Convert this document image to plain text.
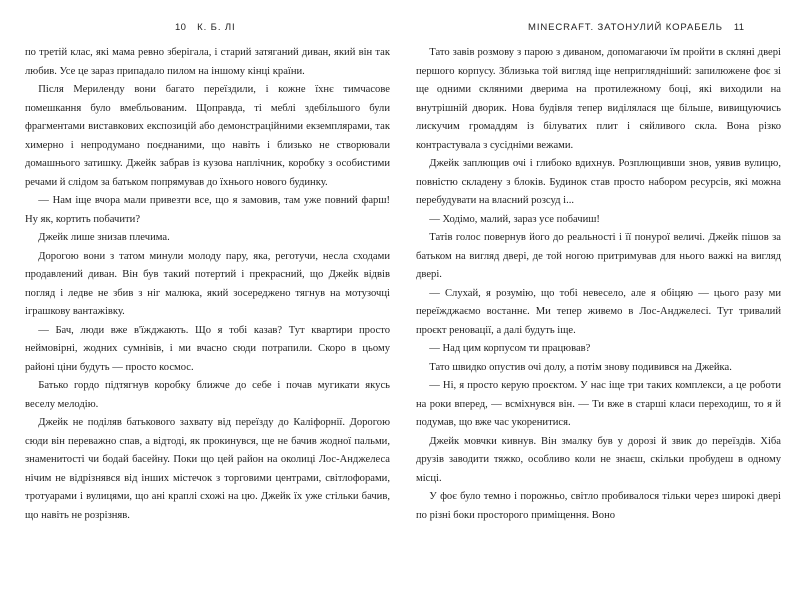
10 К. Б. ЛІ

по третій клас, які мама ревно зберігала, і старий затяганий диван, який він так любив. Усе це зараз припадало пилом на іншому кінці країни.

Після Мериленду вони багато переїздили, і кожне їхнє тимчасове помешкання було вмебльованим. Щоправда, ті меблі здебільшого були фрагментами виставкових експозицій або демонстраційними екземплярами, так химерно і непродумано поєднаними, що навіть і близько не створювали домашнього затишку. Джейк забрав із кузова наплічник, коробку з особистими речами й слідом за батьком попрямував до їхнього нового будинку.

— Нам іще вчора мали привезти все, що я замовив, там уже повний фарш! Ну як, кортить побачити?

Джейк лише знизав плечима.

Дорогою вони з татом минули молоду пару, яка, реготучи, несла сходами продавлений диван. Він був такий потертий і прекрасний, що Джейк відвів погляд і ледве не збив з ніг малюка, який зосереджено тягнув на мотузочці іграшкову вантажівку.

— Бач, люди вже в'їжджають. Що я тобі казав? Тут квартири просто неймовірні, жодних сумнівів, і ми вчасно сюди потрапили. Скоро в цьому районі ціни будуть — просто космос.

Батько гордо підтягнув коробку ближче до себе і почав мугикати якусь веселу мелодію.

Джейк не поділяв батькового захвату від переїзду до Каліфорнії. Дорогою сюди він переважно спав, а відтоді, як прокинувся, ще не бачив жодної пальми, знаменитості чи бодай басейну. Поки що цей район на околиці Лос-Анджелеса нічим не відрізнявся від інших містечок з торговими центрами, світлофорами, тротуарами і вулицями, що ані краплі схожі на цю. Джейк їх уже стільки бачив, що навіть не розрізняв.

MINECRAFT. ЗАТОНУЛИЙ КОРАБЕЛЬ 11

Тато завів розмову з парою з диваном, допомагаючи їм пройти в скляні двері першого корпусу. Зблизька той вигляд іще неприглядніший: запилюжене фоє зі ще одними скляними дверима на протилежному боці, які виходили на внутрішній дворик. Нова будівля тепер виділялася ще більше, вивищуючись лискучим громаддям із білуватих плит і сяйливого скла. Вона різко контрастувала з сусідніми вежами.

Джейк заплющив очі і глибоко вдихнув. Розплющивши знов, уявив вулицю, повністю складену з блоків. Будинок став просто набором ресурсів, які можна перебудувати на власний розсуд і...

— Ходімо, малий, зараз усе побачиш!

Татів голос повернув його до реальності і її понурої величі. Джейк пішов за батьком на вигляд двері, де той ногою притримував для нього важкі на вигляд двері.

— Слухай, я розумію, що тобі невесело, але я обіцяю — цього разу ми переїжджаємо востаннє. Ми тепер живемо в Лос-Анджелесі. Тут тривалий проєкт реновації, а далі будуть іще.

— Над цим корпусом ти працював?

Тато швидко опустив очі долу, а потім знову подивився на Джейка.

— Ні, я просто керую проєктом. У нас іще три таких комплекси, а це роботи на роки вперед, — всміхнувся він. — Ти вже в старші класи переходиш, то я й подумав, що вже час укоренитися.

Джейк мовчки кивнув. Він змалку був у дорозі й звик до переїздів. Хіба друзів заводити тяжко, особливо коли не знаєш, скільки пробудеш в одному місці.

У фоє було темно і порожньо, світло пробивалося тільки через широкі двері по різні боки просторого приміщення. Воно
